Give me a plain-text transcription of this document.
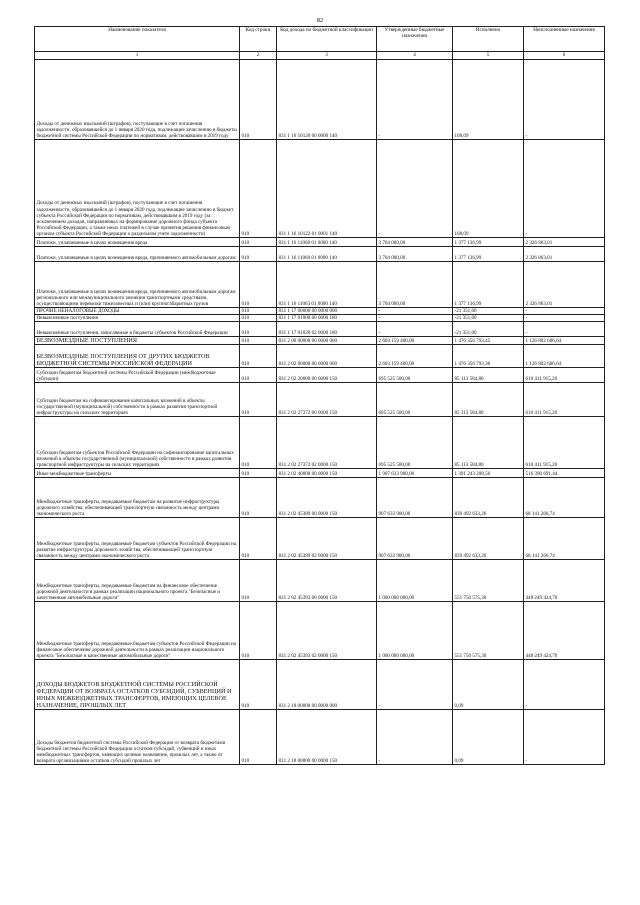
82
Наименование показателя	Код строки	Код дохода по бюджетной классификации	Утвержденные бюджетные назначения	Исполнено	Неисполненные назначения
1	2	3	4	5	6
Доходы от денежных взысканий (штрафов), поступающие в счет погашения задолженности, образовавшейся до 1 января 2020 года, подлежащие зачислению в бюджеты бюджетной системы Российской Федерации по нормативам, действовавшим в 2019 году	010	831 1 16 10120 00 0000 140	-	108,09	-
Доходы от денежных взысканий (штрафов), поступающие в счет погашения задолженности, образовавшейся до 1 января 2020 года, подлежащие зачислению в бюджет субъекта Российской Федерации по нормативам, действовавшим в 2019 году (за исключением доходов, направляемых на формирование дорожного фонда субъекта Российской Федерации, а также иных платежей в случае принятия решения финансовым органом субъекта Российской Федерации о раздельном учете задолженности)	010	831 1 16 10122 01 0001 140	-	108,09	-
Платежи, уплачиваемые в целях возмещения вреда	010	831 1 16 11000 01 0000 140	3 704 000,00	1 377 136,99	2 326 863,01
Платежи, уплачиваемые в целях возмещения вреда, причиняемого автомобильным дорогам	010	831 1 16 11060 01 0000 140	3 704 000,00	1 377 136,99	2 326 863,01
Платежи, уплачиваемые в целях возмещения вреда, причиняемого автомобильным дорогам регионального или межмуниципального значения транспортными средствами, осуществляющими перевозки тяжеловесных и (или) крупногабаритных грузов	010	831 1 16 11063 01 0000 140	3 704 000,00	1 377 136,99	2 326 863,01
ПРОЧИЕ НЕНАЛОГОВЫЕ ДОХОДЫ	010	831 1 17 00000 00 0000 000	-	-21 351,00	-
Невыясненные поступления	010	831 1 17 01000 00 0000 180	-	-21 351,00	-
Невыясненные поступления, зачисляемые в бюджеты субъектов Российской Федерации	010	831 1 17 01020 02 0000 180	-	-21 351,00	-
БЕЗВОЗМЕЗДНЫЕ ПОСТУПЛЕНИЯ	010	831 2 00 00000 00 0000 000	2 603 159 400,00	1 476 356 793,45	1 126 802 606,64
БЕЗВОЗМЕЗДНЫЕ ПОСТУПЛЕНИЯ ОТ ДРУГИХ БЮДЖЕТОВ БЮДЖЕТНОЙ СИСТЕМЫ РОССИЙСКОЙ ФЕДЕРАЦИИ	010	831 2 02 00000 00 0000 000	2 603 159 400,00	1 476 356 793,36	1 126 802 606,64
Субсидии бюджетам бюджетной системы Российской Федерации (межбюджетные субсидии)	010	831 2 02 20000 00 0000 150	695 525 500,00	85 113 584,80	610 411 915,20
Субсидии бюджетам на софинансирование капитальных вложений в объекты государственной (муниципальной) собственности в рамках развития транспортной инфраструктуры на сельских территориях	010	831 2 02 27372 00 0000 150	695 525 500,00	85 113 584,80	610 411 915,20
Субсидии бюджетам субъектов Российской Федерации на софинансирование капитальных вложений в объекты государственной (муниципальной) собственности в рамках развития транспортной инфраструктуры на сельских территориях	010	831 2 02 27372 02 0000 150	695 525 500,00	85 113 584,80	610 411 915,20
Иные межбюджетные трансферты	010	831 2 02 40000 00 0000 150	1 907 633 900,00	1 391 243 208,56	516 390 691,44
Межбюджетные трансферты, передаваемые бюджетам на развитие инфраструктуры дорожного хозяйства, обеспечивающей транспортную связанность между центрами экономического роста	010	831 2 02 45389 00 0000 150	907 633 900,00	839 492 633,26	68 141 266,74
Межбюджетные трансферты, передаваемые бюджетам субъектов Российской Федерации на развитие инфраструктуры дорожного хозяйства, обеспечивающей транспортную связанность между центрами экономического роста	010	831 2 02 45389 02 0000 150	907 633 900,00	839 492 633,26	68 141 266,74
Межбюджетные трансферты, передаваемые бюджетам на финансовое обеспечение дорожной деятельности в рамках реализации национального проекта "Безопасные и качественные автомобильные дороги"	010	831 2 02 45393 00 0000 150	1 000 000 000,00	551 750 575,30	448 249 424,70
Межбюджетные трансферты, передаваемые бюджетам субъектов Российской Федерации на финансовое обеспечение дорожной деятельности в рамках реализации национального проекта "Безопасные и качественные автомобильные дороги"	010	831 2 02 45393 02 0000 150	1 000 000 000,00	551 750 575,30	448 249 424,70
ДОХОДЫ БЮДЖЕТОВ БЮДЖЕТНОЙ СИСТЕМЫ РОССИЙСКОЙ ФЕДЕРАЦИИ ОТ ВОЗВРАТА ОСТАТКОВ СУБСИДИЙ, СУБВЕНЦИЙ И ИНЫХ МЕЖБЮДЖЕТНЫХ ТРАНСФЕРТОВ, ИМЕЮЩИХ ЦЕЛЕВОЕ НАЗНАЧЕНИЕ, ПРОШЛЫХ ЛЕТ	010	831 2 18 00000 00 0000 000	-	0,09	-
Доходы бюджетов бюджетной системы Российской Федерации от возврата бюджетами бюджетной системы Российской Федерации остатков субсидий, субвенций и иных межбюджетных трансфертов, имеющих целевое назначение, прошлых лет, а также от возврата организациями остатков субсидий прошлых лет	010	831 2 18 00000 00 0000 150	-	0,09	-
